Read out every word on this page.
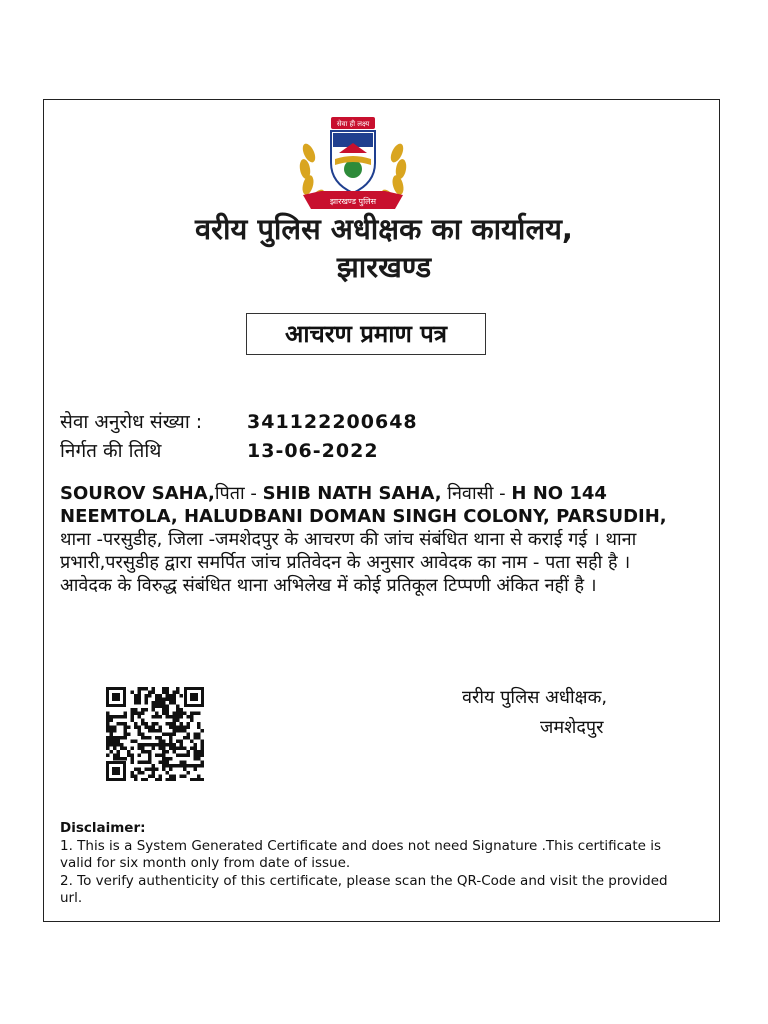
सेवा ही लक्ष्य
झारखण्ड पुलिस
वरीय पुलिस अधीक्षक का कार्यालय,
झारखण्ड
आचरण प्रमाण पत्र
सेवा अनुरोध संख्या : 341122200648
निर्गत की तिथि	13-06-2022
SOUROV SAHA,पिता - SHIB NATH SAHA, निवासी - H NO 144 NEEMTOLA, HALUDBANI DOMAN SINGH COLONY, PARSUDIH, थाना -परसुडीह, जिला -जमशेदपुर के आचरण की जांच संबंधित थाना से कराई गई । थाना प्रभारी,परसुडीह द्वारा समर्पित जांच प्रतिवेदन के अनुसार आवेदक का नाम - पता सही है । आवेदक के विरुद्ध संबंधित थाना अभिलेख में कोई प्रतिकूल टिप्पणी अंकित नहीं है ।
वरीय पुलिस अधीक्षक,
जमशेदपुर
Disclaimer:
1. This is a System Generated Certificate and does not need Signature .This certificate is valid for six month only from date of issue.
2. To verify authenticity of this certificate, please scan the QR-Code and visit the provided url.
